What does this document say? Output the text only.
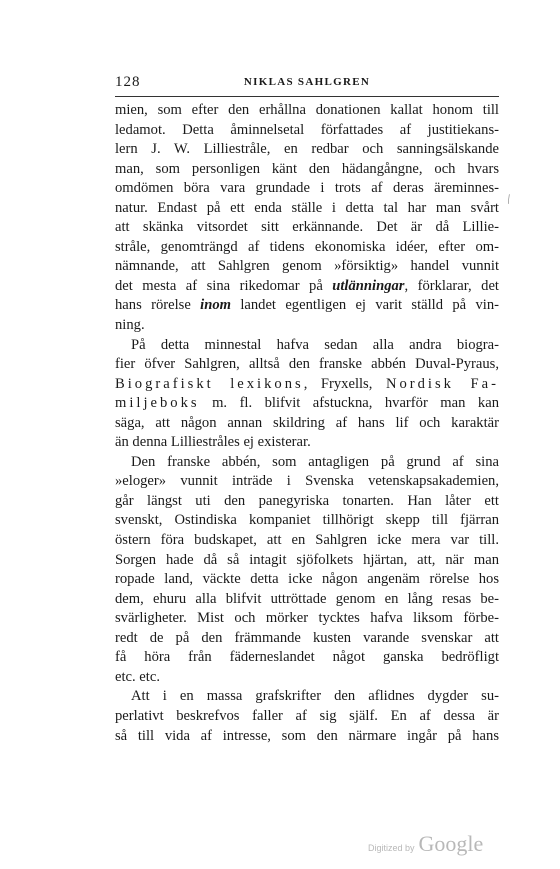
128	NIKLAS SAHLGREN
⁄
mien, som efter den erhållna donationen kallat honom till
ledamot. Detta åminnelsetal författades af justitiekans-
lern J. W. Lilliestråle, en redbar och sanningsälskande
man, som personligen känt den hädangångne, och hvars
omdömen böra vara grundade i trots af deras äreminnes-
natur. Endast på ett enda ställe i detta tal har man svårt
att skänka vitsordet sitt erkännande. Det är då Lillie-
stråle, genomträngd af tidens ekonomiska idéer, efter om-
nämnande, att Sahlgren genom »försiktig» handel vunnit
det mesta af sina rikedomar på utlänningar, förklarar, det
hans rörelse inom landet egentligen ej varit ställd på vin-
ning.
På detta minnestal hafva sedan alla andra biogra-
fier öfver Sahlgren, alltså den franske abbén Duval-Pyraus,
Biografiskt lexikons, Fryxells, Nordisk Fa-
miljeboks m. fl. blifvit afstuckna, hvarför man kan
säga, att någon annan skildring af hans lif och karaktär
än denna Lilliestråles ej existerar.
Den franske abbén, som antagligen på grund af sina
»eloger» vunnit inträde i Svenska vetenskapsakademien,
går längst uti den panegyriska tonarten. Han låter ett
svenskt, Ostindiska kompaniet tillhörigt skepp till fjärran
östern föra budskapet, att en Sahlgren icke mera var till.
Sorgen hade då så intagit sjöfolkets hjärtan, att, när man
ropade land, väckte detta icke någon angenäm rörelse hos
dem, ehuru alla blifvit uttröttade genom en lång resas be-
svärligheter. Mist och mörker tycktes hafva liksom förbe-
redt de på den främmande kusten varande svenskar att
få höra från fäderneslandet något ganska bedröfligt
etc. etc.
Att i en massa grafskrifter den aflidnes dygder su-
perlativt beskrefvos faller af sig själf. En af dessa är
så till vida af intresse, som den närmare ingår på hans
Digitized by Google
